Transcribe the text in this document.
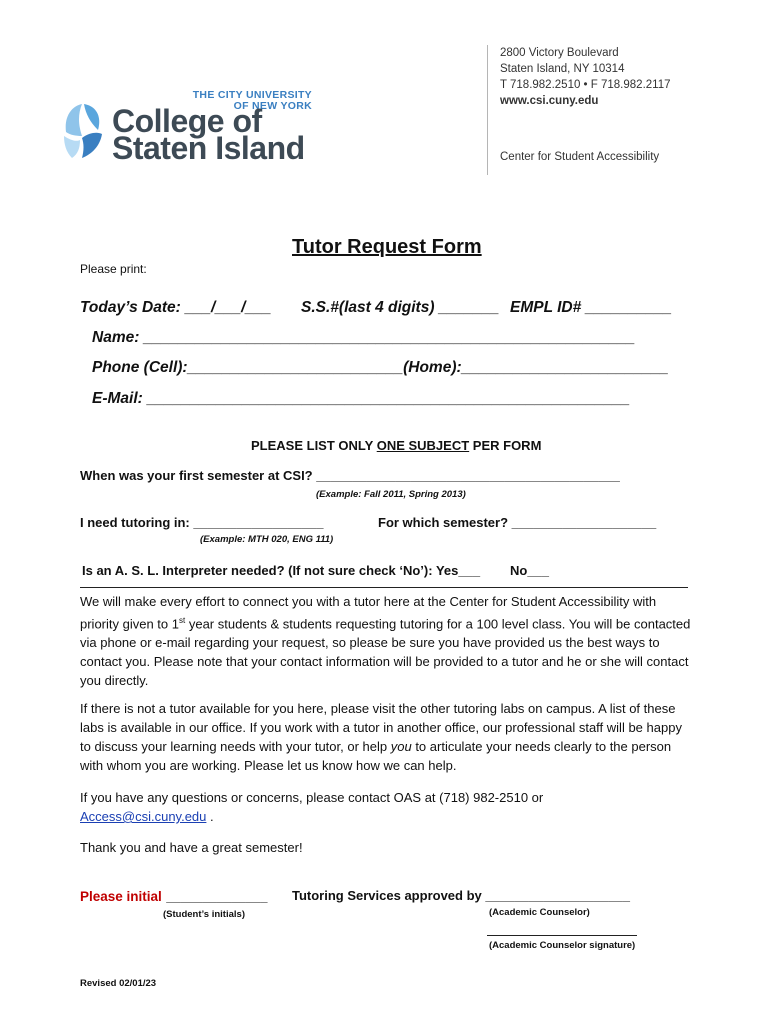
THE CITY UNIVERSITY
OF NEW YORK
College of
Staten Island
2800 Victory Boulevard
Staten Island, NY 10314
T 718.982.2510 • F 718.982.2117
www.csi.cuny.edu
Center for Student Accessibility
Tutor Request Form
Please print:
Today’s Date: ___/___/___ S.S.#(last 4 digits) _______ EMPL ID# __________
Name: _________________________________________________________
Phone (Cell):_________________________(Home):________________________
E-Mail: ________________________________________________________
PLEASE LIST ONLY ONE SUBJECT PER FORM
When was your first semester at CSI? __________________________________________
(Example: Fall 2011, Spring 2013)
I need tutoring in: __________________	For which semester? ____________________
(Example: MTH 020, ENG 111)
Is an A. S. L. Interpreter needed? (If not sure check ‘No’): Yes___ No___
We will make every effort to connect you with a tutor here at the Center for Student Accessibility with priority given to 1st year students & students requesting tutoring for a 100 level class. You will be contacted via phone or e-mail regarding your request, so please be sure you have provided us the best ways to contact you. Please note that your contact information will be provided to a tutor and he or she will contact you directly.
If there is not a tutor available for you here, please visit the other tutoring labs on campus. A list of these labs is available in our office. If you work with a tutor in another office, our professional staff will be happy to discuss your learning needs with your tutor, or help you to articulate your needs clearly to the person with whom you are working. Please let us know how we can help.
If you have any questions or concerns, please contact OAS at (718) 982-2510 or
Access@csi.cuny.edu .
Thank you and have a great semester!
Please initial ______________
(Student’s initials)
Tutoring Services approved by ____________________
(Academic Counselor)
(Academic Counselor signature)
Revised 02/01/23
